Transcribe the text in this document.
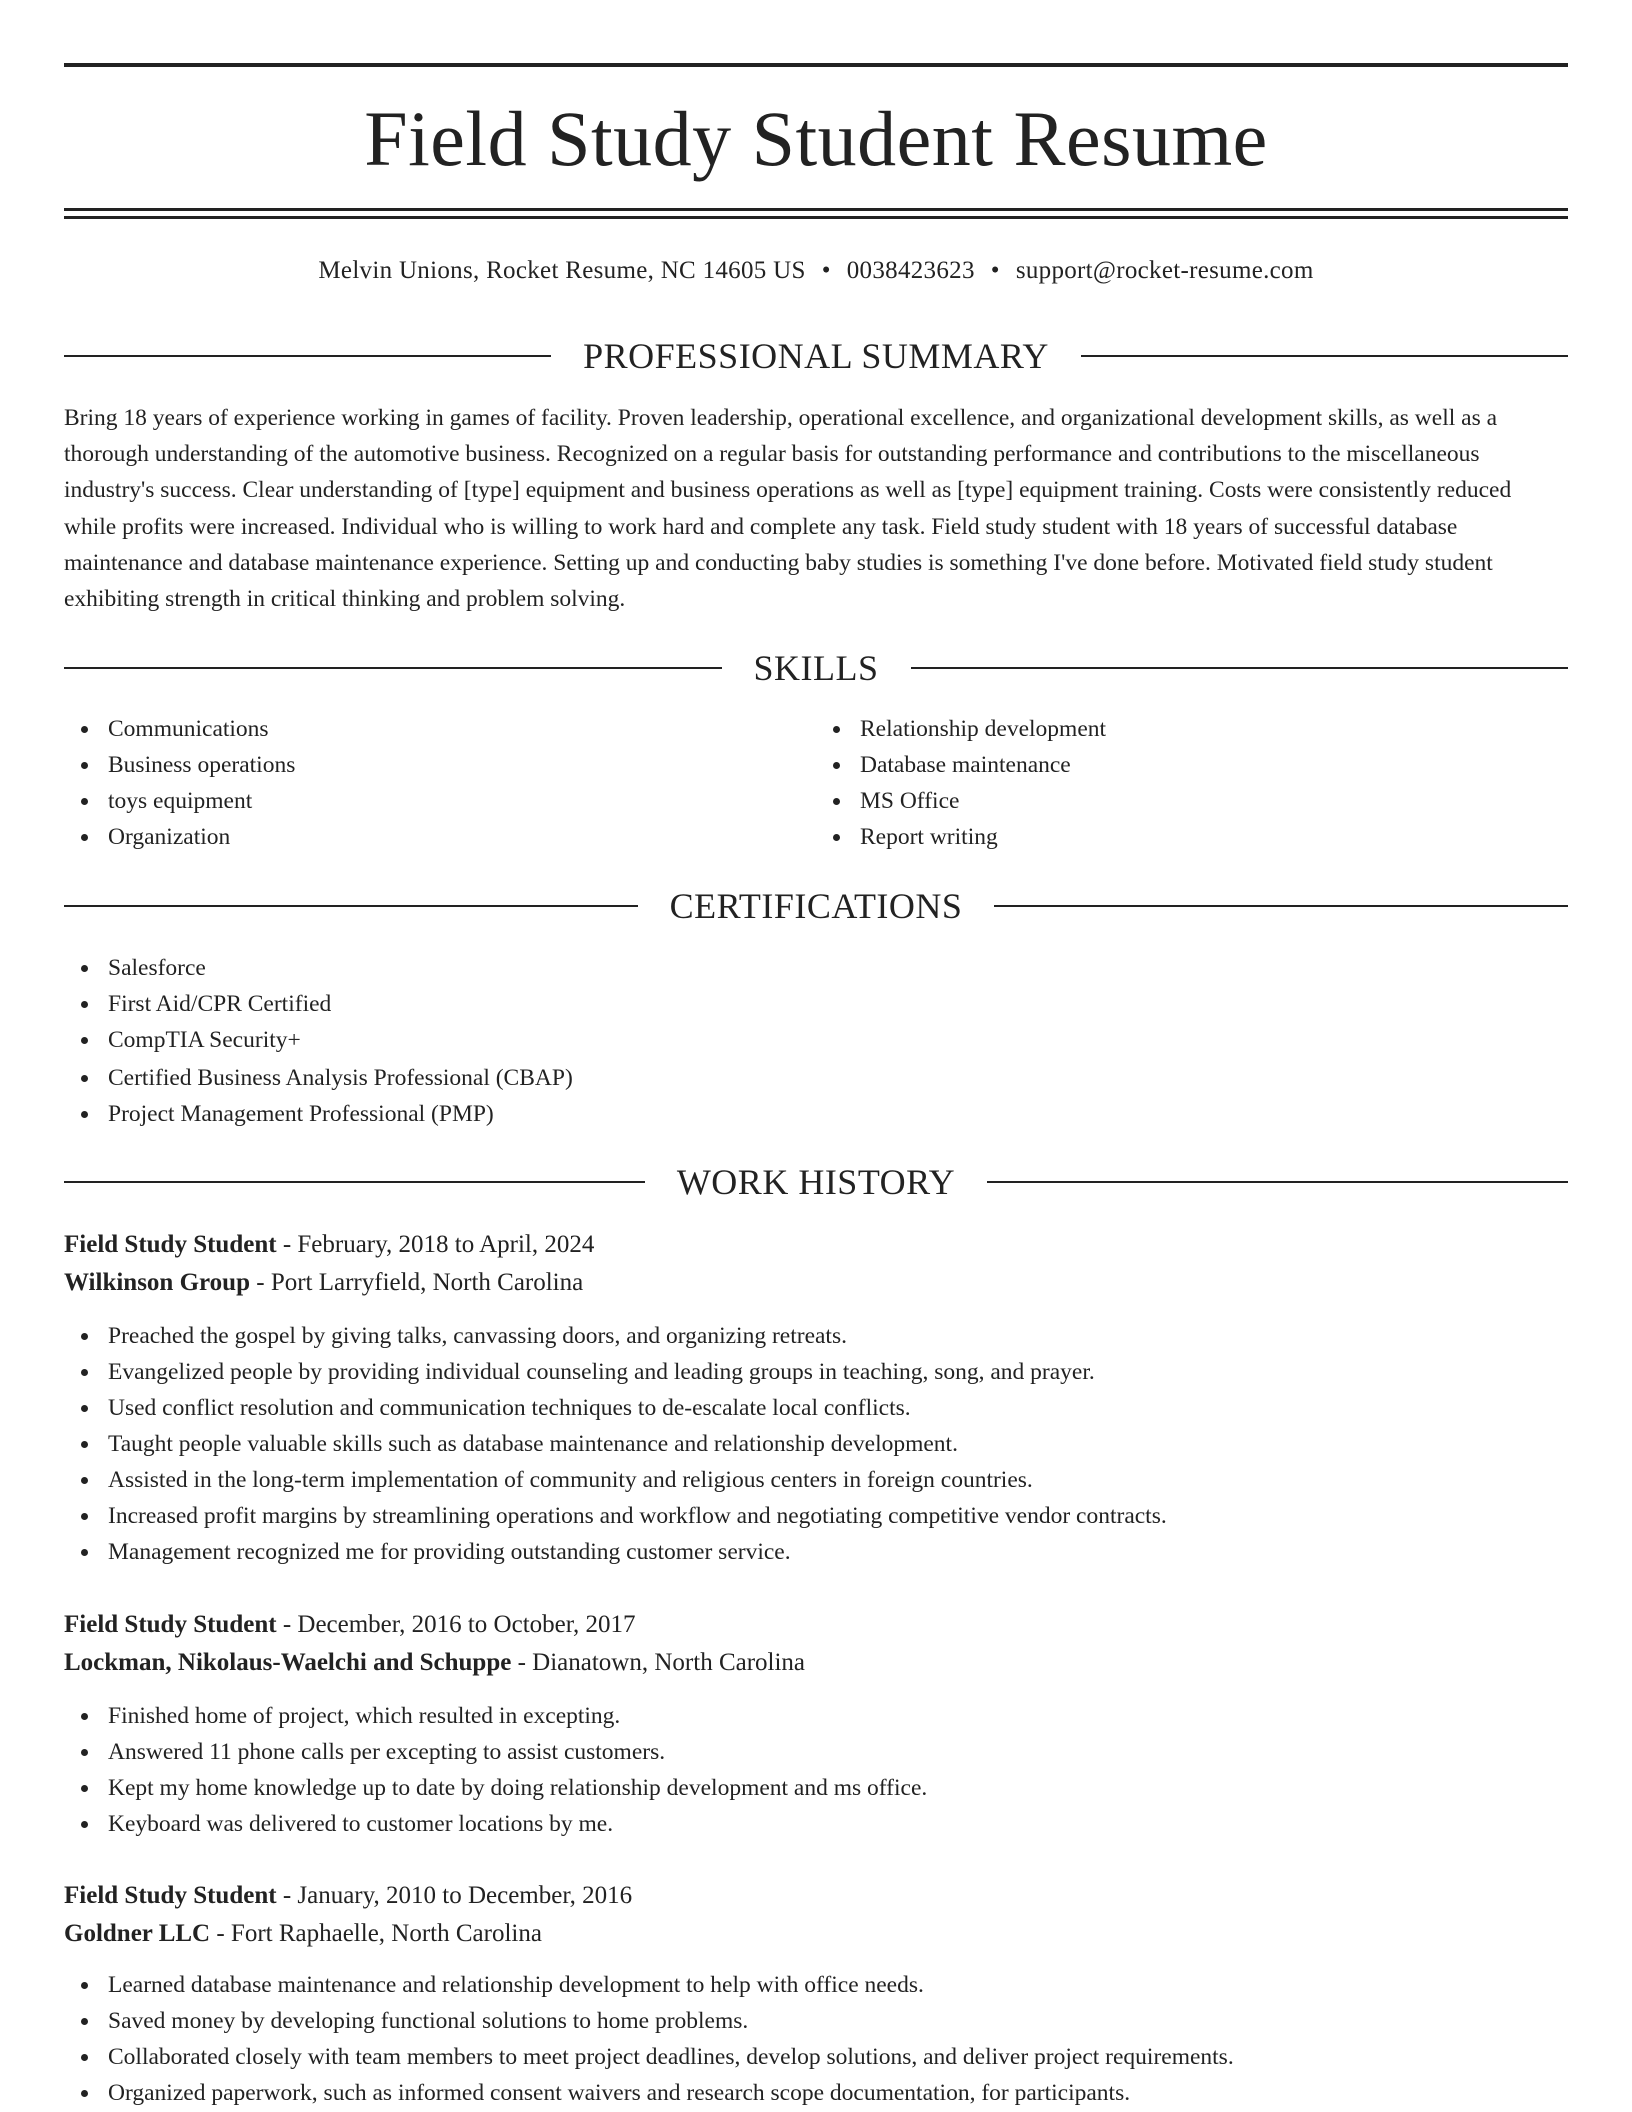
Field Study Student Resume
Melvin Unions, Rocket Resume, NC 14605 US • 0038423623 • support@rocket-resume.com
PROFESSIONAL SUMMARY

Bring 18 years of experience working in games of facility. Proven leadership, operational excellence, and organizational development skills, as well as a thorough understanding of the automotive business. Recognized on a regular basis for outstanding performance and contributions to the miscellaneous industry's success. Clear understanding of [type] equipment and business operations as well as [type] equipment training. Costs were consistently reduced while profits were increased. Individual who is willing to work hard and complete any task. Field study student with 18 years of successful database maintenance and database maintenance experience. Setting up and conducting baby studies is something I've done before. Motivated field study student exhibiting strength in critical thinking and problem solving.

SKILLS
Communications
Business operations
toys equipment
Organization
Relationship development
Database maintenance
MS Office
Report writing
CERTIFICATIONS
Salesforce
First Aid/CPR Certified
CompTIA Security+
Certified Business Analysis Professional (CBAP)
Project Management Professional (PMP)
WORK HISTORY
Field Study Student - February, 2018 to April, 2024
Wilkinson Group - Port Larryfield, North Carolina
Preached the gospel by giving talks, canvassing doors, and organizing retreats.
Evangelized people by providing individual counseling and leading groups in teaching, song, and prayer.
Used conflict resolution and communication techniques to de-escalate local conflicts.
Taught people valuable skills such as database maintenance and relationship development.
Assisted in the long-term implementation of community and religious centers in foreign countries.
Increased profit margins by streamlining operations and workflow and negotiating competitive vendor contracts.
Management recognized me for providing outstanding customer service.
Field Study Student - December, 2016 to October, 2017
Lockman, Nikolaus-Waelchi and Schuppe - Dianatown, North Carolina
Finished home of project, which resulted in excepting.
Answered 11 phone calls per excepting to assist customers.
Kept my home knowledge up to date by doing relationship development and ms office.
Keyboard was delivered to customer locations by me.
Field Study Student - January, 2010 to December, 2016
Goldner LLC - Fort Raphaelle, North Carolina
Learned database maintenance and relationship development to help with office needs.
Saved money by developing functional solutions to home problems.
Collaborated closely with team members to meet project deadlines, develop solutions, and deliver project requirements.
Organized paperwork, such as informed consent waivers and research scope documentation, for participants.
